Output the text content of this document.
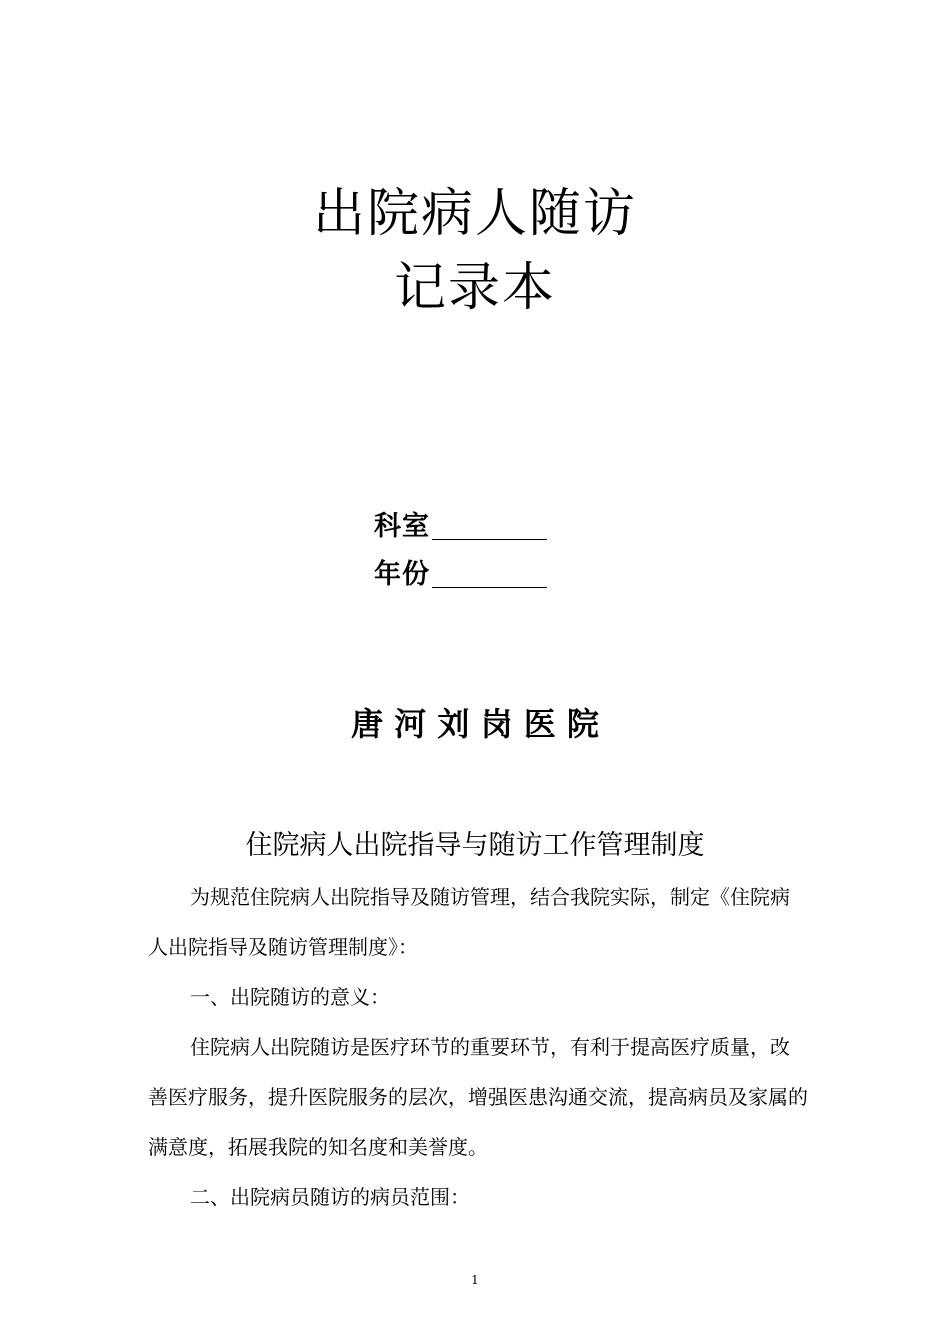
出院病人随访
记录本
科室
年份
唐 河 刘 岗 医 院
住院病人出院指导与随访工作管理制度

为规范住院病人出院指导及随访管理，结合我院实际，制定《住院病人出院指导及随访管理制度》：

一、出院随访的意义：

住院病人出院随访是医疗环节的重要环节，有利于提高医疗质量，改善医疗服务，提升医院服务的层次，增强医患沟通交流，提高病员及家属的满意度，拓展我院的知名度和美誉度。

二、出院病员随访的病员范围：

1
